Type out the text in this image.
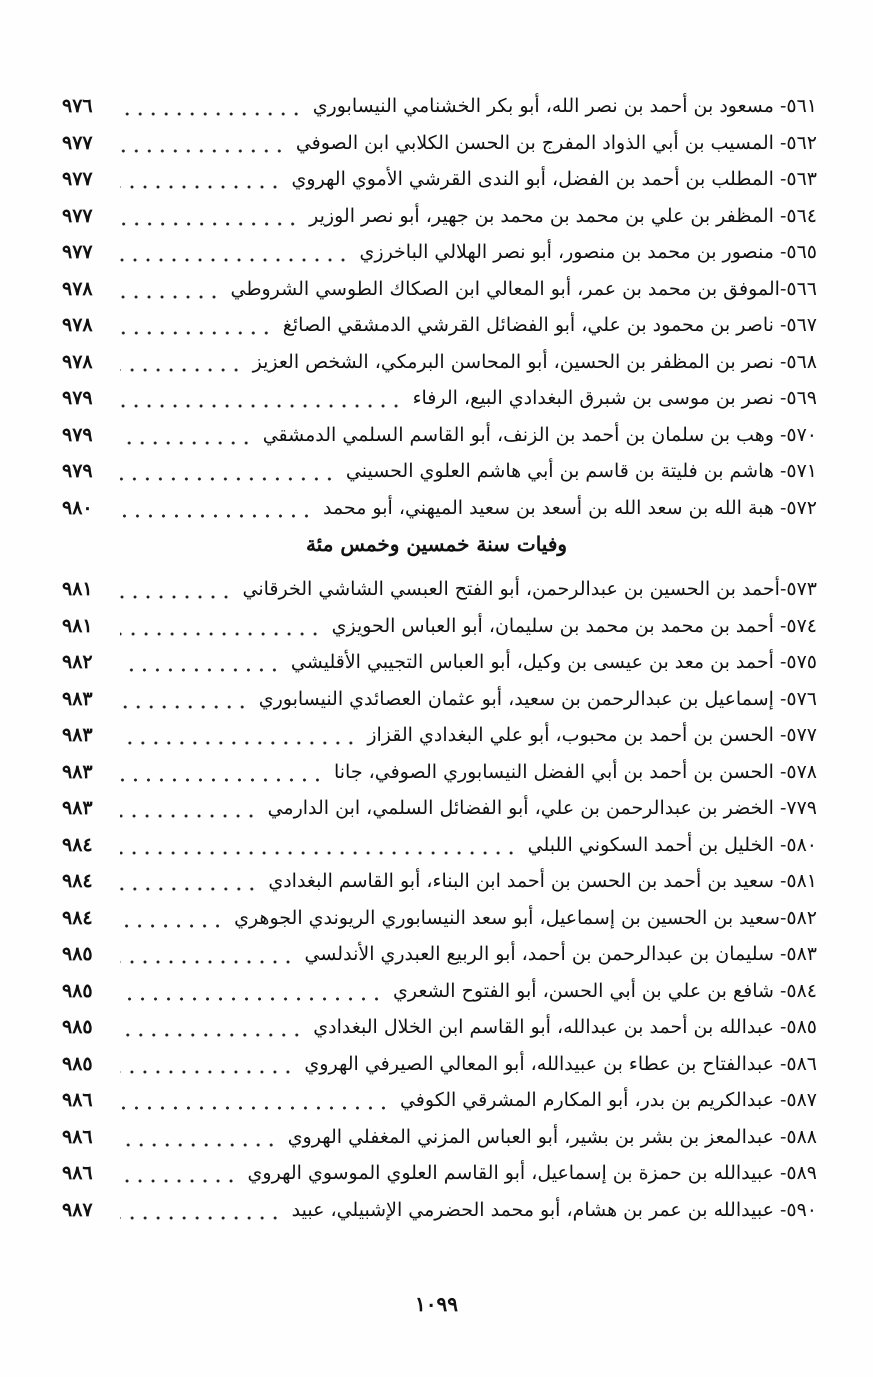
٥٦١- مسعود بن أحمد بن نصر الله، أبو بكر الخشنامي النيسابوري
٩٧٦
٥٦٢- المسيب بن أبي الذواد المفرج بن الحسن الكلابي ابن الصوفي
٩٧٧
٥٦٣- المطلب بن أحمد بن الفضل، أبو الندى القرشي الأموي الهروي
٩٧٧
٥٦٤- المظفر بن علي بن محمد بن محمد بن جهير، أبو نصر الوزير
٩٧٧
٥٦٥- منصور بن محمد بن منصور، أبو نصر الهلالي الباخرزي
٩٧٧
٥٦٦-الموفق بن محمد بن عمر، أبو المعالي ابن الصكاك الطوسي الشروطي
٩٧٨
٥٦٧- ناصر بن محمود بن علي، أبو الفضائل القرشي الدمشقي الصائغ
٩٧٨
٥٦٨- نصر بن المظفر بن الحسين، أبو المحاسن البرمكي، الشخص العزيز
٩٧٨
٥٦٩- نصر بن موسى بن شبرق البغدادي البيع، الرفاء
٩٧٩
٥٧٠- وهب بن سلمان بن أحمد بن الزنف، أبو القاسم السلمي الدمشقي
٩٧٩
٥٧١- هاشم بن فليتة بن قاسم بن أبي هاشم العلوي الحسيني
٩٧٩
٥٧٢- هبة الله بن سعد الله بن أسعد بن سعيد الميهني، أبو محمد
٩٨٠
وفيات سنة خمسين وخمس مئة
٥٧٣-أحمد بن الحسين بن عبدالرحمن، أبو الفتح العبسي الشاشي الخرقاني
٩٨١
٥٧٤- أحمد بن محمد بن محمد بن سليمان، أبو العباس الحويزي
٩٨١
٥٧٥- أحمد بن معد بن عيسى بن وكيل، أبو العباس التجيبي الأقليشي
٩٨٢
٥٧٦- إسماعيل بن عبدالرحمن بن سعيد، أبو عثمان العصائدي النيسابوري
٩٨٣
٥٧٧- الحسن بن أحمد بن محبوب، أبو علي البغدادي القزاز
٩٨٣
٥٧٨- الحسن بن أحمد بن أبي الفضل النيسابوري الصوفي، جانا
٩٨٣
٧٧٩- الخضر بن عبدالرحمن بن علي، أبو الفضائل السلمي، ابن الدارمي
٩٨٣
٥٨٠- الخليل بن أحمد السكوني اللبلي
٩٨٤
٥٨١- سعيد بن أحمد بن الحسن بن أحمد ابن البناء، أبو القاسم البغدادي
٩٨٤
٥٨٢-سعيد بن الحسين بن إسماعيل، أبو سعد النيسابوري الريوندي الجوهري
٩٨٤
٥٨٣- سليمان بن عبدالرحمن بن أحمد، أبو الربيع العبدري الأندلسي
٩٨٥
٥٨٤- شافع بن علي بن أبي الحسن، أبو الفتوح الشعري
٩٨٥
٥٨٥- عبدالله بن أحمد بن عبدالله، أبو القاسم ابن الخلال البغدادي
٩٨٥
٥٨٦- عبدالفتاح بن عطاء بن عبيدالله، أبو المعالي الصيرفي الهروي
٩٨٥
٥٨٧- عبدالكريم بن بدر، أبو المكارم المشرقي الكوفي
٩٨٦
٥٨٨- عبدالمعز بن بشر بن بشير، أبو العباس المزني المغفلي الهروي
٩٨٦
٥٨٩- عبيدالله بن حمزة بن إسماعيل، أبو القاسم العلوي الموسوي الهروي
٩٨٦
٥٩٠- عبيدالله بن عمر بن هشام، أبو محمد الحضرمي الإشبيلي، عبيد
٩٨٧
١٠٩٩
